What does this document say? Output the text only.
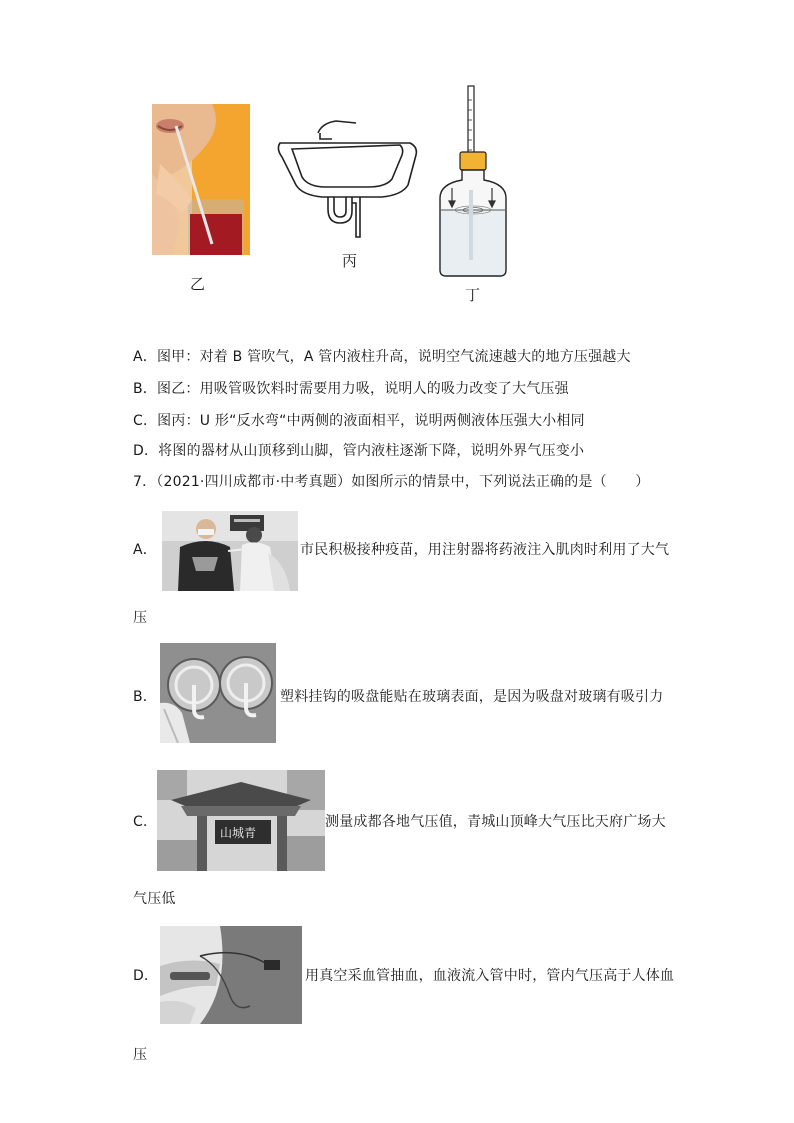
乙
丙
丁
A．图甲：对着 B 管吹气，A 管内液柱升高，说明空气流速越大的地方压强越大
B．图乙：用吸管吸饮料时需要用力吸，说明人的吸力改变了大气压强
C．图丙：U 形“反水弯“中两侧的液面相平，说明两侧液体压强大小相同
D．将图的器材从山顶移到山脚，管内液柱逐渐下降，说明外界气压变小
7．（2021·四川成都市·中考真题）如图所示的情景中，下列说法正确的是（　　）
A．	市民积极接种疫苗，用注射器将药液注入肌肉时利用了大气
压
B．	塑料挂钩的吸盘能贴在玻璃表面，是因为吸盘对玻璃有吸引力
C．
山城青
测量成都各地气压值，青城山顶峰大气压比天府广场大
气压低
D．	用真空采血管抽血，血液流入管中时，管内气压高于人体血
压
